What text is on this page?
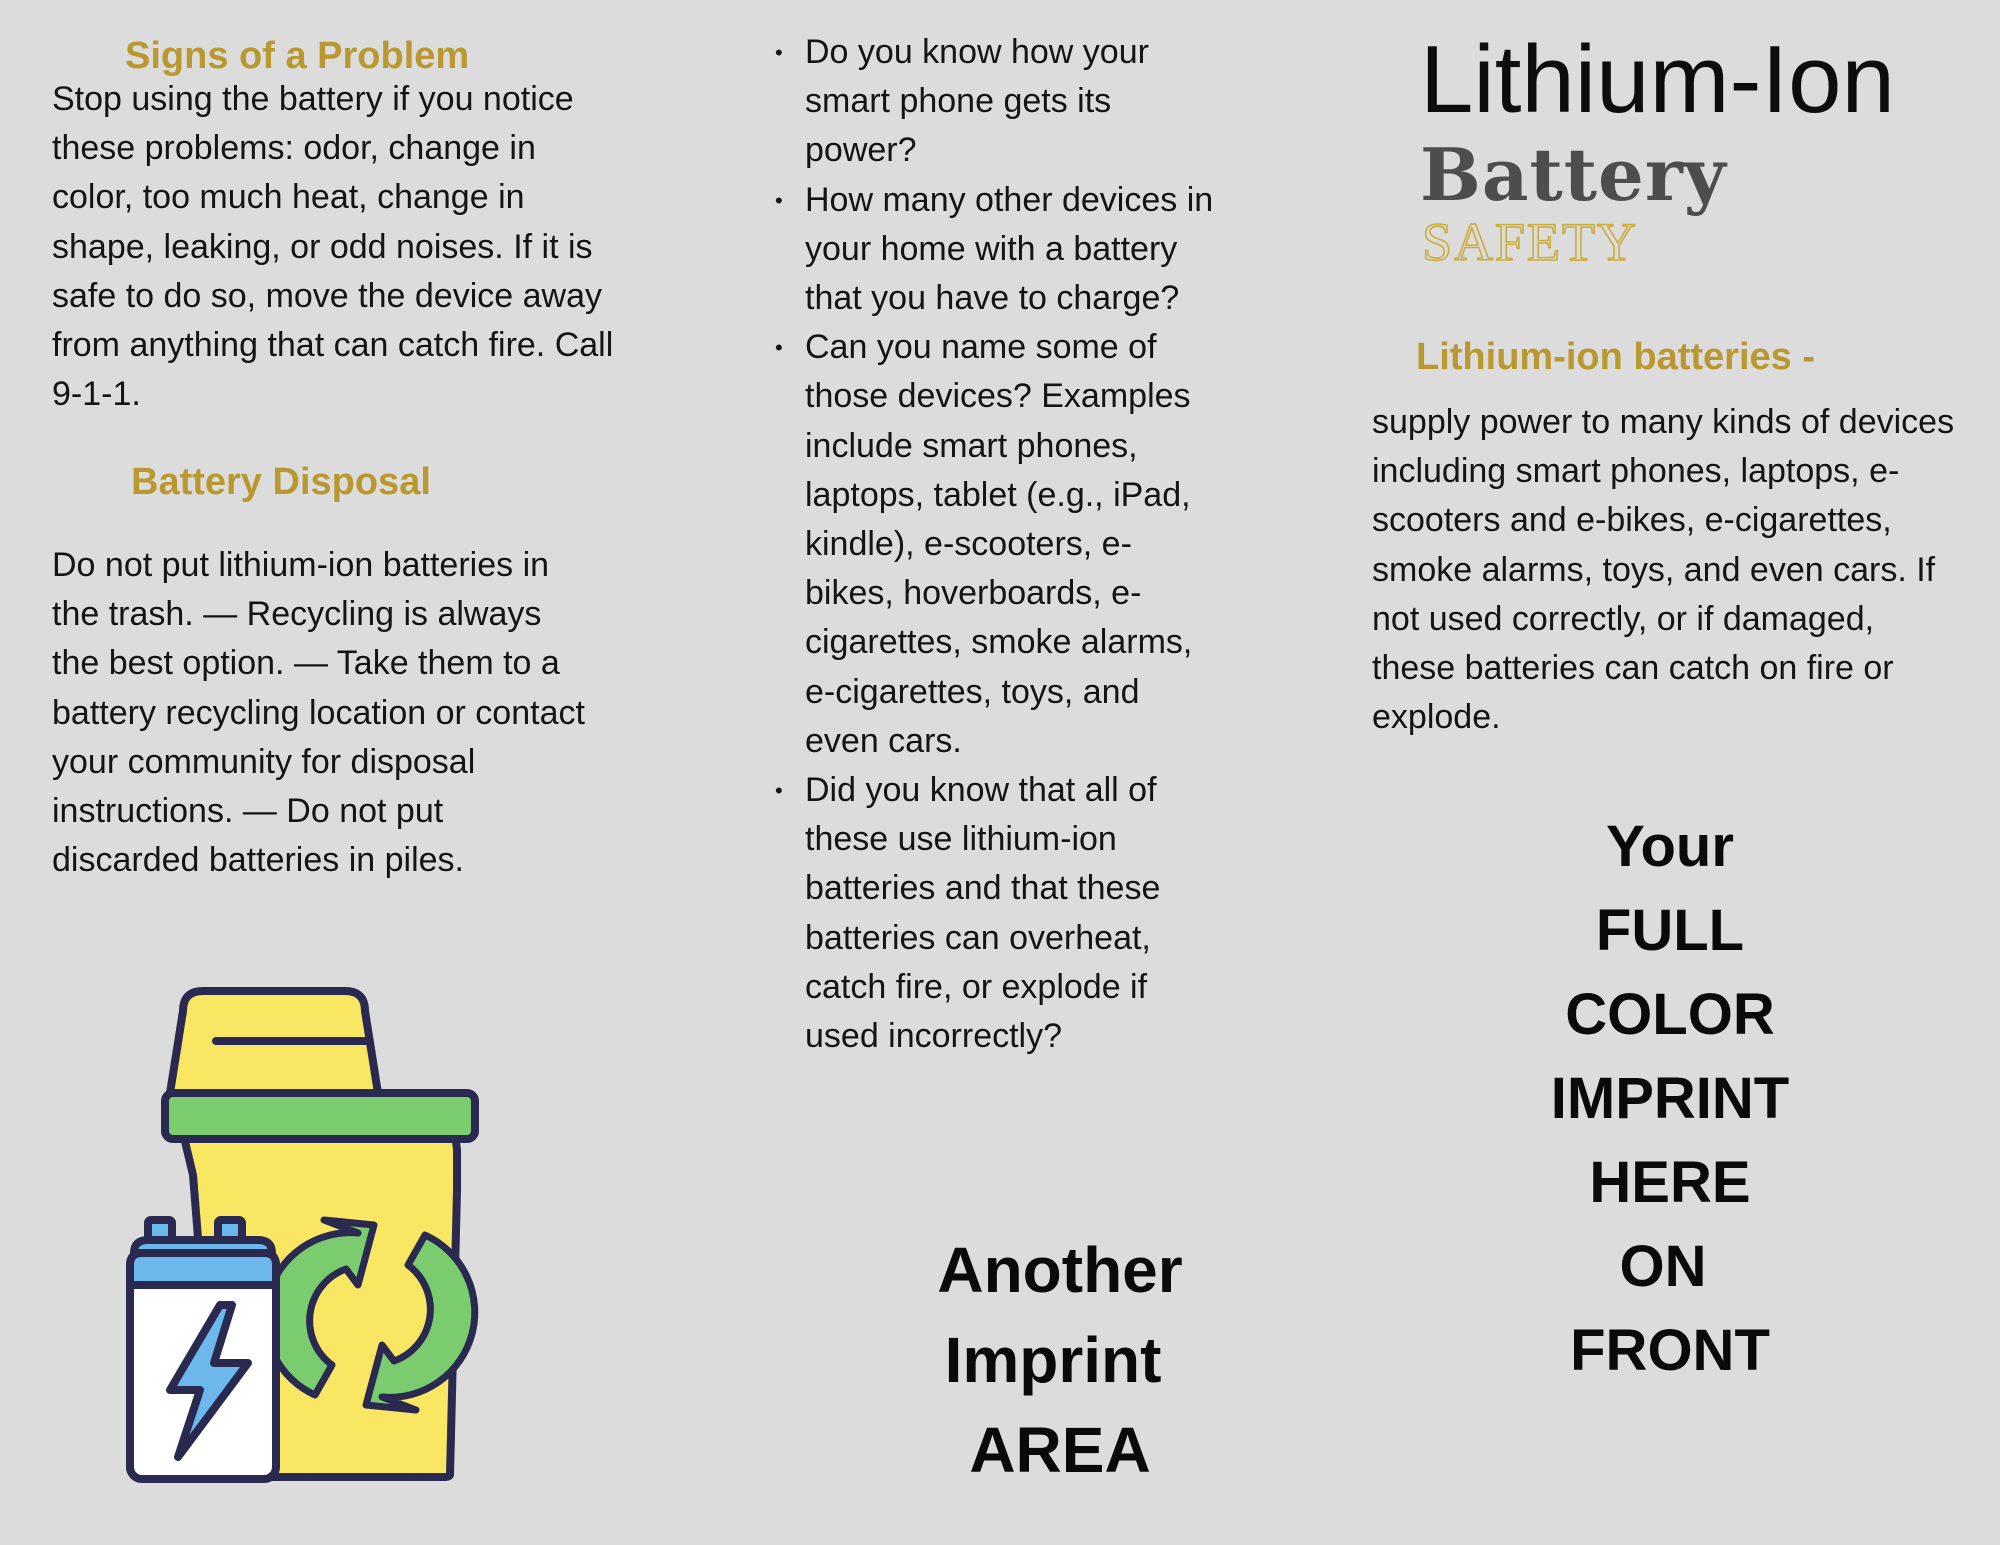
Signs of a Problem
Stop using the battery if you notice these problems: odor, change in color, too much heat, change in shape, leaking, or odd noises. If it is safe to do so, move the device away from anything that can catch fire. Call 9-1-1.
Battery Disposal
Do not put lithium-ion batteries in the trash. — Recycling is always the best option. — Take them to a battery recycling location or contact your community for disposal instructions. — Do not put discarded batteries in piles.
• Do you know how your smart phone gets its power?
• How many other devices in your home with a battery that you have to charge?
• Can you name some of those devices? Examples include smart phones, laptops, tablet (e.g., iPad, kindle), e-scooters, e-bikes, hoverboards, e-cigarettes, smoke alarms, e-cigarettes, toys, and even cars.
• Did you know that all of these use lithium-ion batteries and that these batteries can overheat, catch fire, or explode if used incorrectly?
Another
Imprint
AREA
Lithium-Ion
Battery
SAFETY
Lithium-ion batteries -
supply power to many kinds of devices including smart phones, laptops, e-scooters and e-bikes, e-cigarettes, smoke alarms, toys, and even cars. If not used correctly, or if damaged, these batteries can catch on fire or explode.
Your
FULL
COLOR
IMPRINT
HERE
ON
FRONT
